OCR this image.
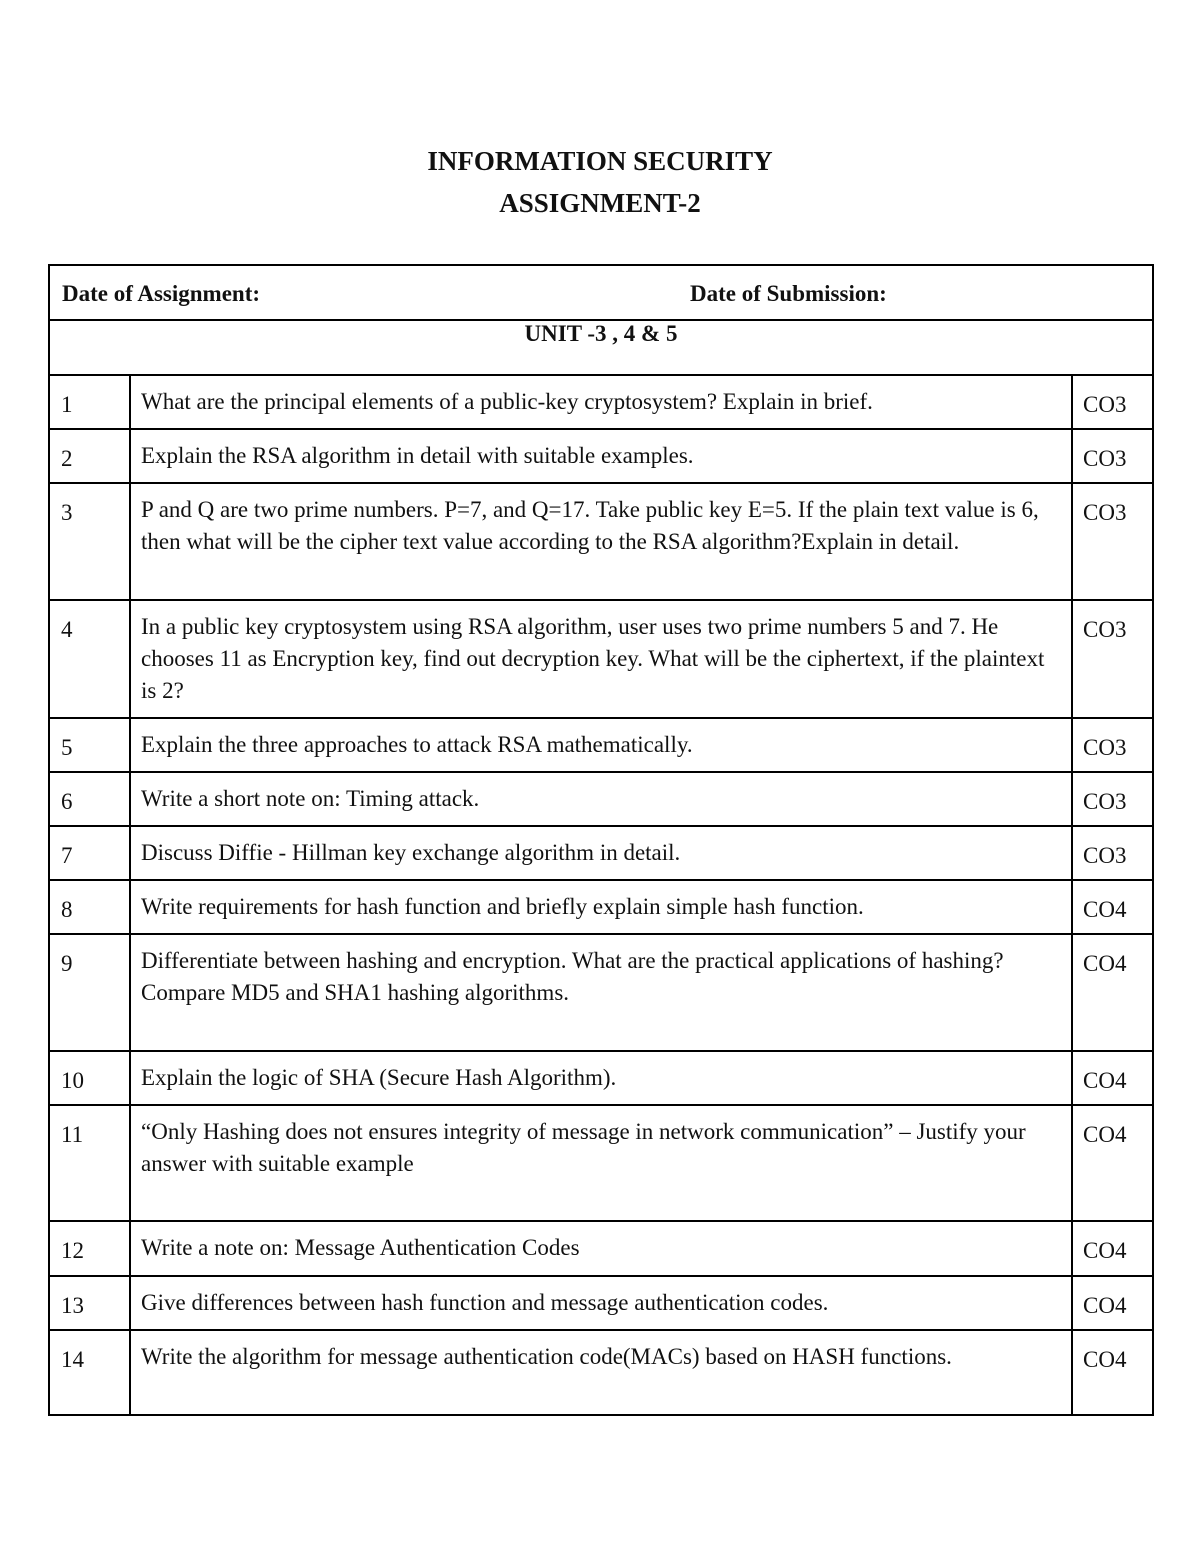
INFORMATION SECURITY
ASSIGNMENT-2
Date of Assignment: Date of Submission:		

UNIT -3 , 4 & 5		
1	What are the principal elements of a public-key cryptosystem? Explain in brief.	CO3
2	Explain the RSA algorithm in detail with suitable examples.	CO3
3	P and Q are two prime numbers. P=7, and Q=17. Take public key E=5. If the plain text value is 6, then what will be the cipher text value according to the RSA algorithm?Explain in detail.	CO3
4	In a public key cryptosystem using RSA algorithm, user uses two prime numbers 5 and 7. He chooses 11 as Encryption key, find out decryption key. What will be the ciphertext, if the plaintext is 2?	CO3
5	Explain the three approaches to attack RSA mathematically.	CO3
6	Write a short note on: Timing attack.	CO3
7	Discuss Diffie - Hillman key exchange algorithm in detail.	CO3
8	Write requirements for hash function and briefly explain simple hash function.	CO4
9	Differentiate between hashing and encryption. What are the practical applications of hashing? Compare MD5 and SHA1 hashing algorithms.	CO4
10	Explain the logic of SHA (Secure Hash Algorithm).	CO4
11	“Only Hashing does not ensures integrity of message in network communication” – Justify your answer with suitable example	CO4
12	Write a note on: Message Authentication Codes	CO4
13	Give differences between hash function and message authentication codes.	CO4
14	Write the algorithm for message authentication code(MACs) based on HASH functions.	CO4
